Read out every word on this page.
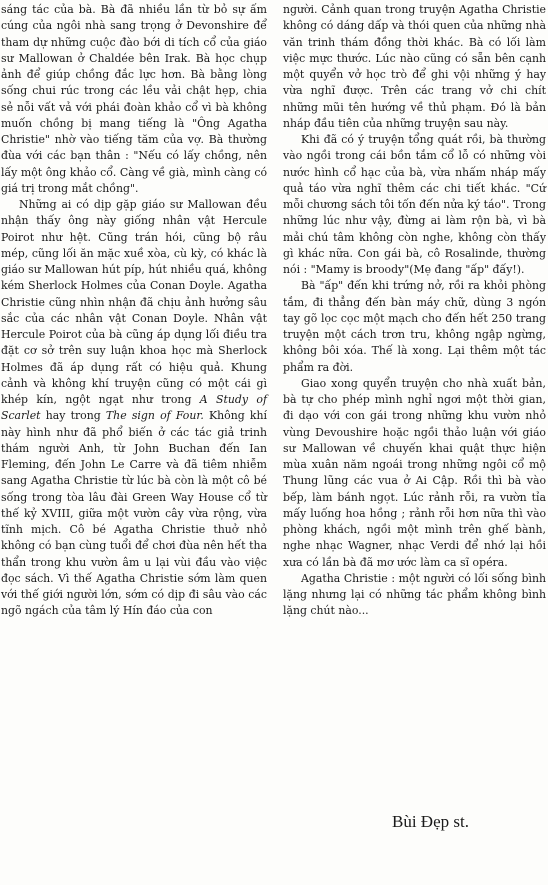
sáng tác của bà. Bà đã nhiều lần từ bỏ sự ấm cúng của ngôi nhà sang trọng ở Devonshire để tham dự những cuộc đào bới di tích cổ của giáo sư Mallowan ở Chaldée bên Irak. Bà học chụp ảnh để giúp chồng đắc lực hơn. Bà bằng lòng sống chui rúc trong các lều vải chật hẹp, chia sẻ nỗi vất vả với phái đoàn khảo cổ vì bà không muốn chồng bị mang tiếng là "Ông Agatha Christie" nhờ vào tiếng tăm của vợ. Bà thường đùa với các bạn thân : "Nếu có lấy chồng, nên lấy một ông khảo cổ. Càng về già, mình càng có giá trị trong mắt chồng".

Những ai có dịp gặp giáo sư Mallowan đều nhận thấy ông này giống nhân vật Hercule Poirot như hệt. Cũng trán hói, cũng bộ râu mép, cũng lối ăn mặc xuề xòa, cù kỳ, có khác là giáo sư Mallowan hút píp, hút nhiều quá, không kém Sherlock Holmes của Conan Doyle. Agatha Christie cũng nhìn nhận đã chịu ảnh hưởng sâu sắc của các nhân vật Conan Doyle. Nhân vật Hercule Poirot của bà cũng áp dụng lối điều tra đặt cơ sở trên suy luận khoa học mà Sherlock Holmes đã áp dụng rất có hiệu quả. Khung cảnh và không khí truyện cũng có một cái gì khép kín, ngột ngạt như trong A Study of Scarlet hay trong The sign of Four. Không khí này hình như đã phổ biến ở các tác giả trinh thám người Anh, từ John Buchan đến Ian Fleming, đến John Le Carre và đã tiêm nhiễm sang Agatha Christie từ lúc bà còn là một cô bé sống trong tòa lâu đài Green Way House cổ từ thế kỷ XVIII, giữa một vườn cây vừa rộng, vừa tĩnh mịch. Cô bé Agatha Christie thuở nhỏ không có bạn cùng tuổi để chơi đùa nên hết tha thẩn trong khu vườn âm u lại vùi đầu vào việc đọc sách. Vì thế Agatha Christie sớm làm quen với thế giới người lớn, sớm có dịp đi sâu vào các ngõ ngách của tâm lý Hín đáo của con

người. Cảnh quan trong truyện Agatha Christie không có dáng dấp và thói quen của những nhà văn trinh thám đồng thời khác. Bà có lối làm việc mực thước. Lúc nào cũng có sẵn bên cạnh một quyển vở học trò để ghi vội những ý hay vừa nghĩ được. Trên các trang vở chi chít những mũi tên hướng về thủ phạm. Đó là bản nháp đầu tiên của những truyện sau này.

Khi đã có ý truyện tổng quát rồi, bà thường vào ngồi trong cái bồn tắm cổ lỗ có những vòi nước hình cổ hạc của bà, vừa nhấm nháp mấy quả táo vừa nghĩ thêm các chi tiết khác. "Cứ mỗi chương sách tôi tốn đến nửa ký táo". Trong những lúc như vậy, đừng ai làm rộn bà, vì bà mải chú tâm không còn nghe, không còn thấy gì khác nữa. Con gái bà, cô Rosalinde, thường nói : "Mamy is broody"(Mẹ đang "ấp" đấy!).

Bà "ấp" đến khi trứng nở, rồi ra khỏi phòng tắm, đi thẳng đến bàn máy chữ, dùng 3 ngón tay gõ lọc cọc một mạch cho đến hết 250 trang truyện một cách trơn tru, không ngập ngừng, không bôi xóa. Thế là xong. Lại thêm một tác phẩm ra đời.

Giao xong quyển truyện cho nhà xuất bản, bà tự cho phép mình nghỉ ngơi một thời gian, đi dạo với con gái trong những khu vườn nhỏ vùng Devoushire hoặc ngồi thảo luận với giáo sư Mallowan về chuyến khai quật thực hiện mùa xuân năm ngoái trong những ngôi cổ mộ Thung lũng các vua ở Ai Cập. Rồi thì bà vào bếp, làm bánh ngọt. Lúc rảnh rỗi, ra vườn tỉa mấy luống hoa hồng ; rảnh rỗi hơn nữa thì vào phòng khách, ngồi một mình trên ghế bành, nghe nhạc Wagner, nhạc Verdi để nhớ lại hồi xưa có lần bà đã mơ ước làm ca sĩ opéra.

Agatha Christie : một người có lối sống bình lặng nhưng lại có những tác phẩm không bình lặng chút nào...

Bùi Đẹp st.
